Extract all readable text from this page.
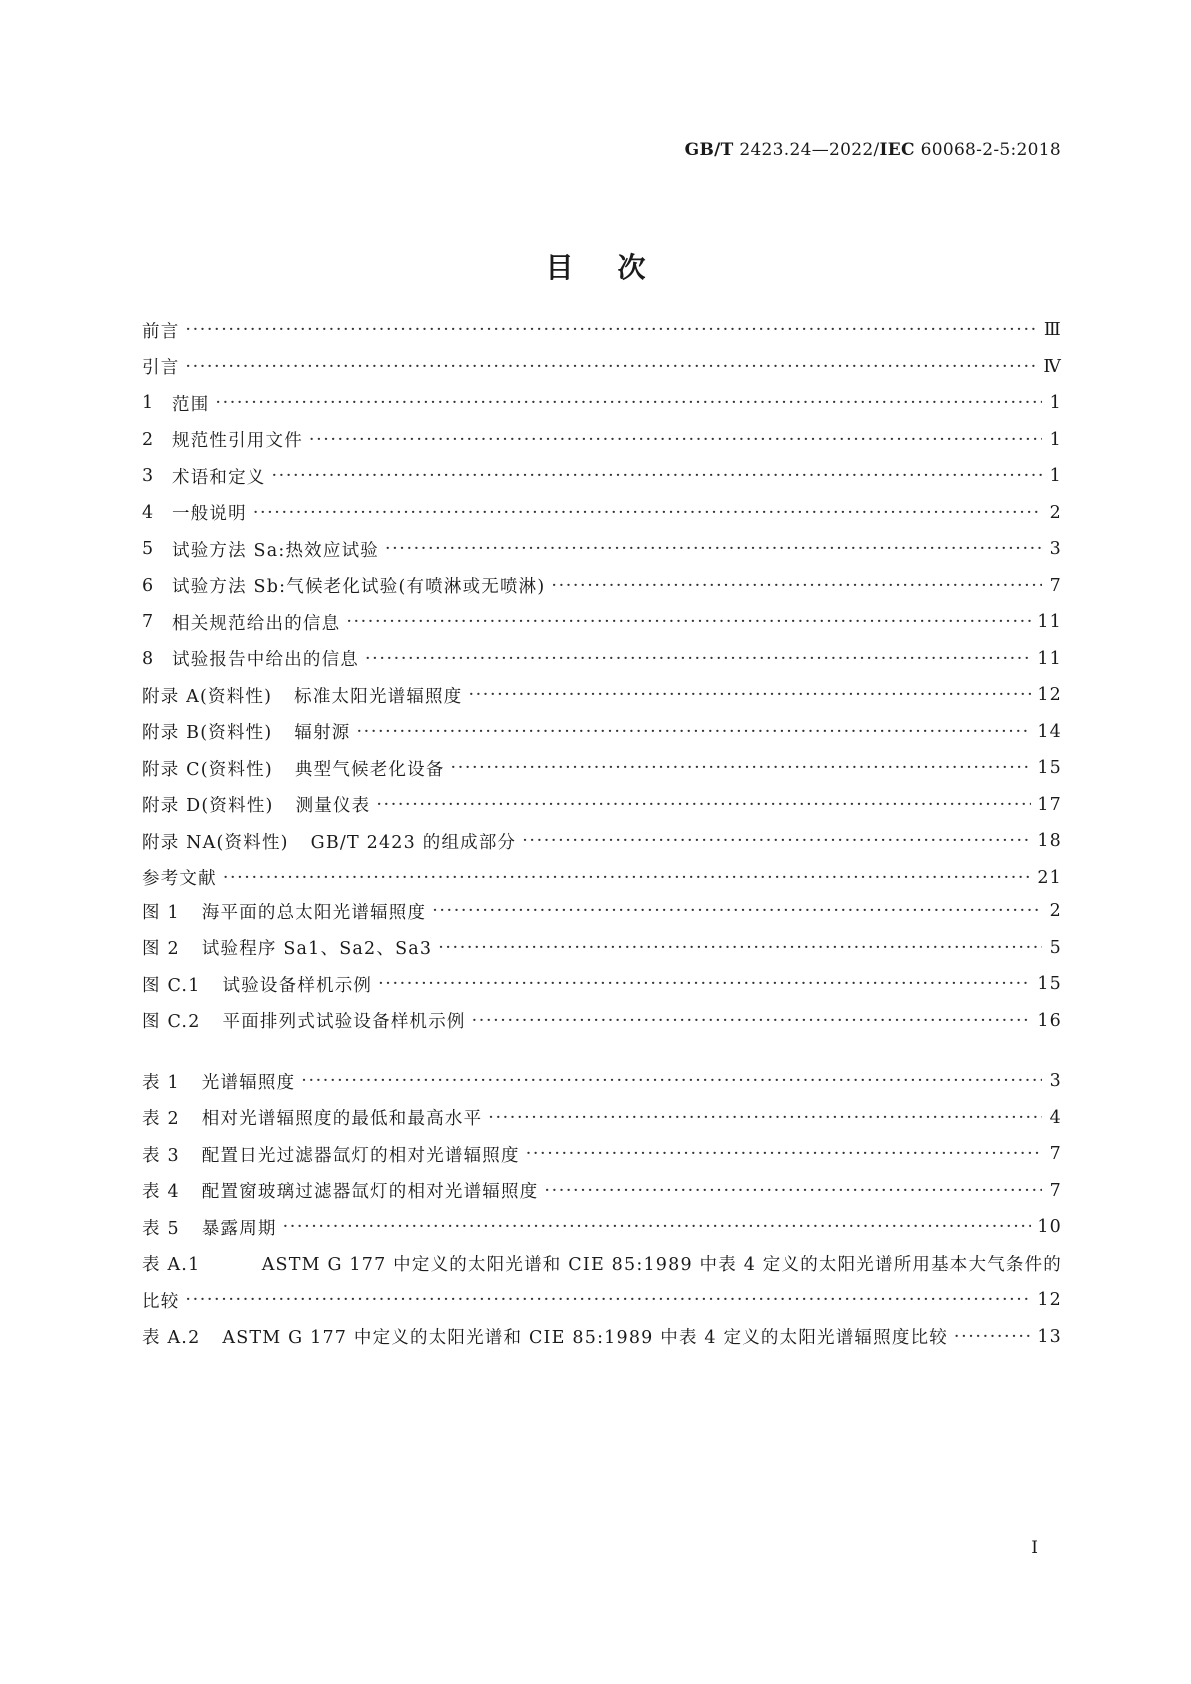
GB/T 2423.24—2022/IEC 60068-2-5:2018
目次
前言 ·····	Ⅲ
引言 ·····	Ⅳ
1	范围 ·····	1
2	规范性引用文件 ·····	1
3	术语和定义 ·····	1
4	一般说明 ·····	2
5	试验方法 Sa:热效应试验 ·····	3
6	试验方法 Sb:气候老化试验(有喷淋或无喷淋) ·····	7
7	相关规范给出的信息 ·····	11
8	试验报告中给出的信息 ·····	11
附录 A(资料性) 标准太阳光谱辐照度 ·····	12
附录 B(资料性) 辐射源 ·····	14
附录 C(资料性) 典型气候老化设备 ·····	15
附录 D(资料性) 测量仪表 ·····	17
附录 NA(资料性) GB/T 2423 的组成部分 ·····	18
参考文献 ·····	21
图 1 海平面的总太阳光谱辐照度 ·····	2
图 2 试验程序 Sa1、Sa2、Sa3 ·····	5
图 C.1 试验设备样机示例 ·····	15
图 C.2 平面排列式试验设备样机示例 ·····	16
表 1 光谱辐照度 ·····	3
表 2 相对光谱辐照度的最低和最高水平 ·····	4
表 3 配置日光过滤器氙灯的相对光谱辐照度 ·····	7
表 4 配置窗玻璃过滤器氙灯的相对光谱辐照度 ·····	7
表 5 暴露周期 ·····	10
表 A.1	ASTM G 177 中定义的太阳光谱和 CIE 85:1989 中表 4 定义的太阳光谱所用基本大气条件的
比较 ·····	12
表 A.2 ASTM G 177 中定义的太阳光谱和 CIE 85:1989 中表 4 定义的太阳光谱辐照度比较 ·····	13
I
